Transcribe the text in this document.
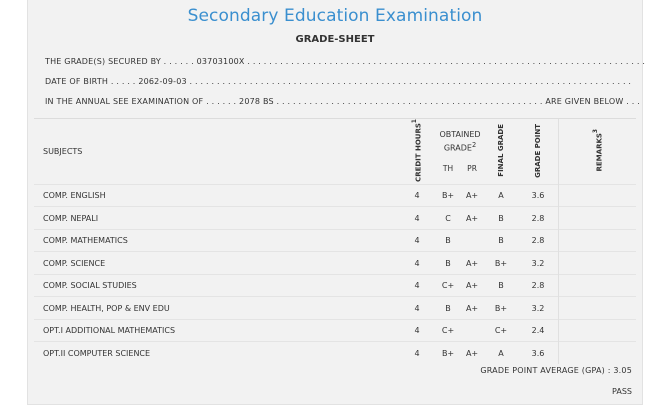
Secondary Education Examination
GRADE-SHEET
THE GRADE(S) SECURED BY . . . . . . 03703100X . . . . . . . . . . . . . . . . . . . . . . . . . . . . . . . . . . . . . . . . . . . . . . . . . . . . . . . . . . . . . . . . . . . . . . . . .
DATE OF BIRTH . . . . . 2062-09-03 . . . . . . . . . . . . . . . . . . . . . . . . . . . . . . . . . . . . . . . . . . . . . . . . . . . . . . . . . . . . . . . . . . . . . . . . . . . . . . . . .
IN THE ANNUAL SEE EXAMINATION OF . . . . . . 2078 BS . . . . . . . . . . . . . . . . . . . . . . . . . . . . . . . . . . . . . . . . . . . . . . . . . ARE GIVEN BELOW . . .
SUBJECTS	CREDIT HOURS$^1$	OBTAINED GRADE$^2$		FINAL GRADE	GRADE POINT	REMARKS$^3$
		TH	PR			
COMP. ENGLISH	4	B+	A+	A	3.6	
COMP. NEPALI	4	C	A+	B	2.8	
COMP. MATHEMATICS	4	B		B	2.8	
COMP. SCIENCE	4	B	A+	B+	3.2	
COMP. SOCIAL STUDIES	4	C+	A+	B	2.8	
COMP. HEALTH, POP & ENV EDU	4	B	A+	B+	3.2	
OPT.I ADDITIONAL MATHEMATICS	4	C+		C+	2.4	
OPT.II COMPUTER SCIENCE	4	B+	A+	A	3.6	
GRADE POINT AVERAGE (GPA) : 3.05
PASS
